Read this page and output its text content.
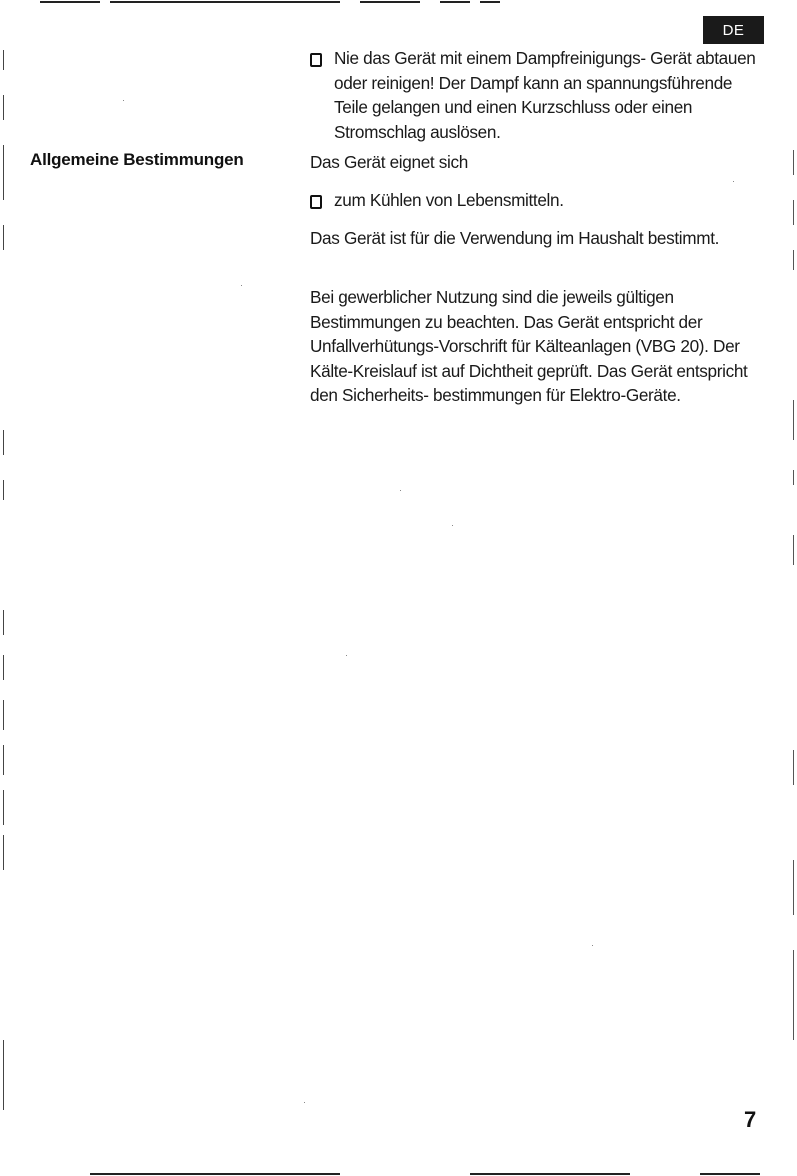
DE
Allgemeine Bestimmungen
Nie das Gerät mit einem Dampfreinigungs- Gerät abtauen oder reinigen! Der Dampf kann an spannungsführende Teile gelangen und einen Kurzschluss oder einen Stromschlag auslösen.
Das Gerät eignet sich
zum Kühlen von Lebensmitteln.
Das Gerät ist für die Verwendung im Haushalt bestimmt.
Bei gewerblicher Nutzung sind die jeweils gültigen Bestimmungen zu beachten. Das Gerät entspricht der Unfallverhütungs-Vorschrift für Kälteanlagen (VBG 20). Der Kälte-Kreislauf ist auf Dichtheit geprüft. Das Gerät entspricht den Sicherheits- bestimmungen für Elektro-Geräte.
7
